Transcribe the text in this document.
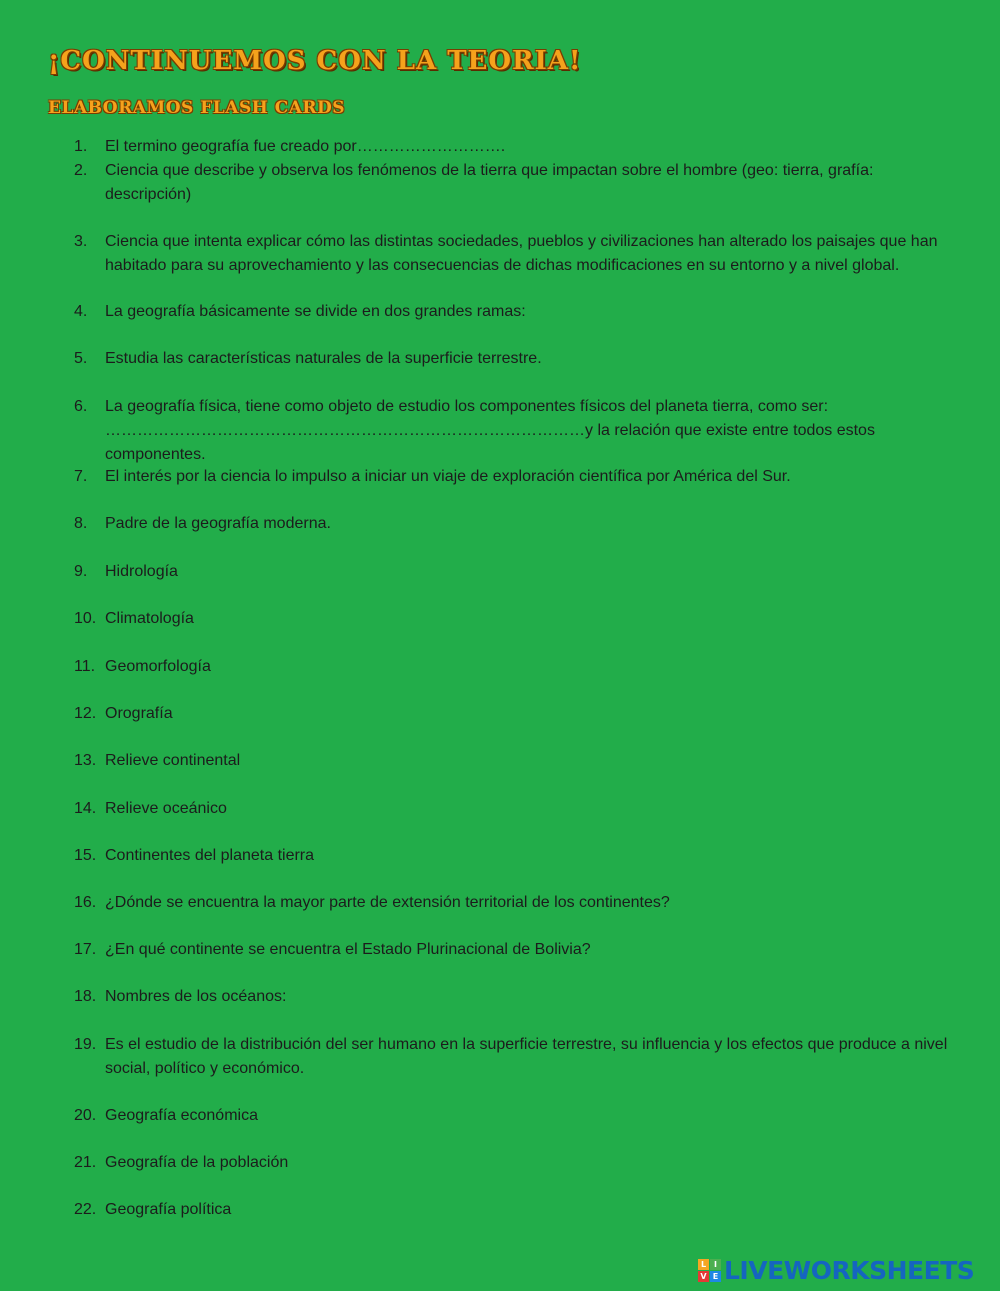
¡CONTINUEMOS CON LA TEORIA!
ELABORAMOS FLASH CARDS
1.	El termino geografía fue creado por……………………….
2.	Ciencia que describe y observa los fenómenos de la tierra que impactan sobre el hombre (geo: tierra, grafía: descripción)
3.	Ciencia que intenta explicar cómo las distintas sociedades, pueblos y civilizaciones han alterado los paisajes que han habitado para su aprovechamiento y las consecuencias de dichas modificaciones en su entorno y a nivel global.
4.	La geografía básicamente se divide en dos grandes ramas:
5.	Estudia las características naturales de la superficie terrestre.
6.	La geografía física, tiene como objeto de estudio los componentes físicos del planeta tierra, como ser: ………………………………………………………………………………y la relación que existe entre todos estos componentes.
7.	El interés por la ciencia lo impulso a iniciar un viaje de exploración científica por América del Sur.
8.	Padre de la geografía moderna.
9.	Hidrología
10. Climatología
11. Geomorfología
12. Orografía
13. Relieve continental
14. Relieve oceánico
15. Continentes del planeta tierra
16. ¿Dónde se encuentra la mayor parte de extensión territorial de los continentes?
17. ¿En qué continente se encuentra el Estado Plurinacional de Bolivia?
18. Nombres de los océanos:
19. Es el estudio de la distribución del ser humano en la superficie terrestre, su influencia y los efectos que produce a nivel social, político y económico.
20. Geografía económica
21. Geografía de la población
22. Geografía política
L I
V E LIVEWORKSHEETS
